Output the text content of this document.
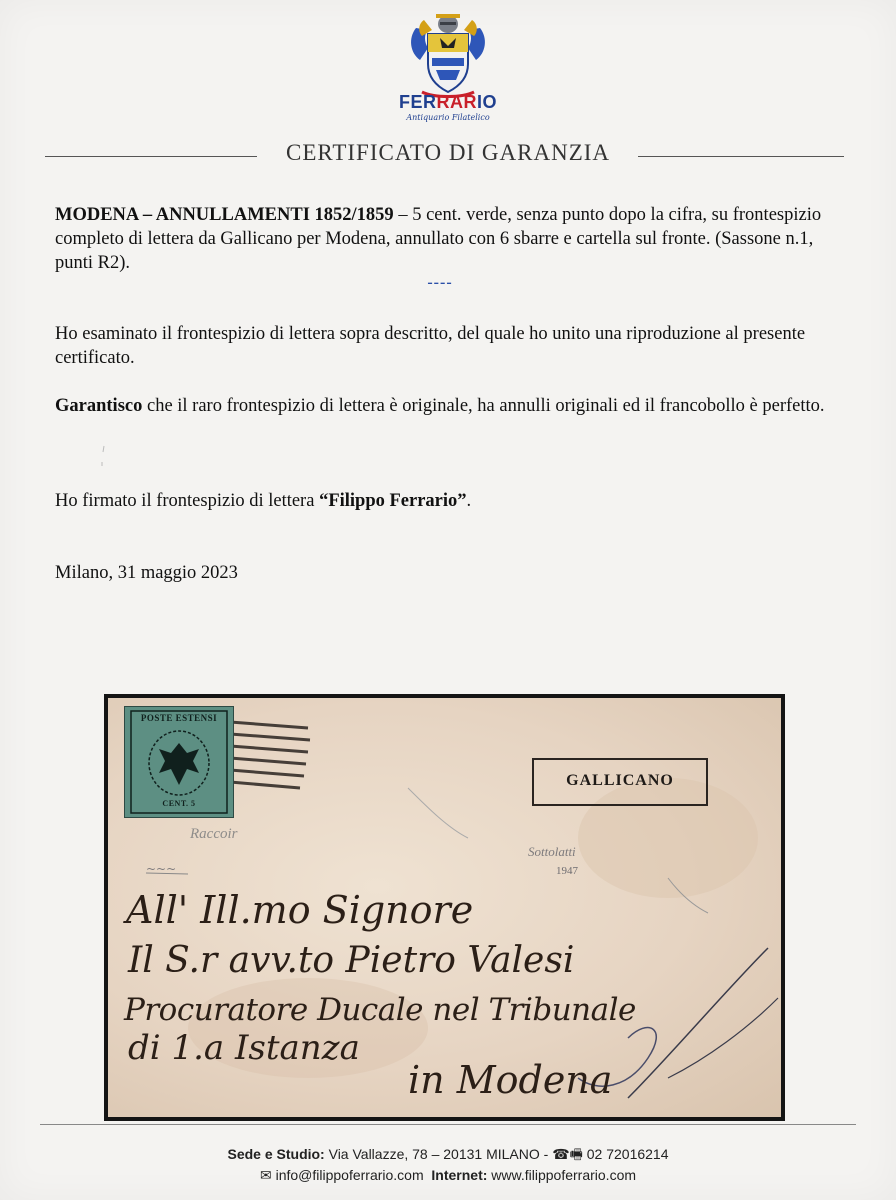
FERRARIO
Antiquario Filatelico
CERTIFICATO DI GARANZIA
MODENA – ANNULLAMENTI 1852/1859 – 5 cent. verde, senza punto dopo la cifra, su frontespizio completo di lettera da Gallicano per Modena, annullato con 6 sbarre e cartella sul fronte. (Sassone n.1, punti R2).
----
Ho esaminato il frontespizio di lettera sopra descritto, del quale ho unito una riproduzione al presente certificato.
Garantisco che il raro frontespizio di lettera è originale, ha annulli originali ed il francobollo è perfetto.
Ho firmato il frontespizio di lettera “Filippo Ferrario”.
Milano, 31 maggio 2023
~~~
POSTE ESTENSI
CENT. 5
GALLICANO
Raccoir
Sottolatti
1947
All' Ill.mo Signore
Il S.r avv.to Pietro Valesi
Procuratore Ducale nel Tribunale
di 1.a Istanza
in Modena
Sede e Studio: Via Vallazze, 78 – 20131 MILANO - ☎🖷 02 72016214
✉ info@filippoferrario.com Internet: www.filippoferrario.com
